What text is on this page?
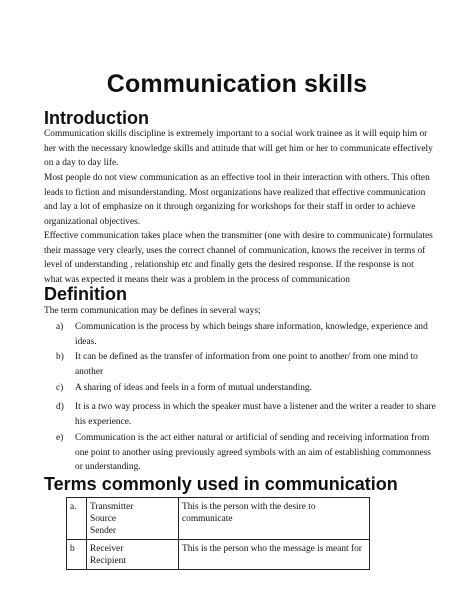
Communication skills
Introduction

Communication skills discipline is extremely important to a social work trainee as it will equip him or her with the necessary knowledge skills and attitude that will get him or her to communicate effectively on a day to day life.

Most people do not view communication as an effective tool in their interaction with others. This often leads to fiction and misunderstanding. Most organizations have realized that effective communication and lay a lot of emphasize on it through organizing for workshops for their staff in order to achieve organizational objectives.

Effective communication takes place when the transmitter (one with desire to communicate) formulates their massage very clearly, uses the correct channel of communication, knows the receiver in terms of level of understanding , relationship etc and finally gets the desired response. If the response is not what was expected it means their was a problem in the process of communication

Definition

The term communication may be defines in several ways;

a) Communication is the process by which beings share information, knowledge, experience and ideas.
b) It can be defined as the transfer of information from one point to another/ from one mind to another
c) A sharing of ideas and feels in a form of mutual understanding.
d) It is a two way process in which the speaker must have a listener and the writer a reader to share his experience.
e) Communication is the act either natural or artificial of sending and receiving information from one point to another using previously agreed symbols with an aim of establishing commonness or understanding.
Terms commonly used in communication
a.	Transmitter
Source
Sender	This is the person with the desire to communicate
b	Receiver
Recipient	This is the person who the message is meant for
